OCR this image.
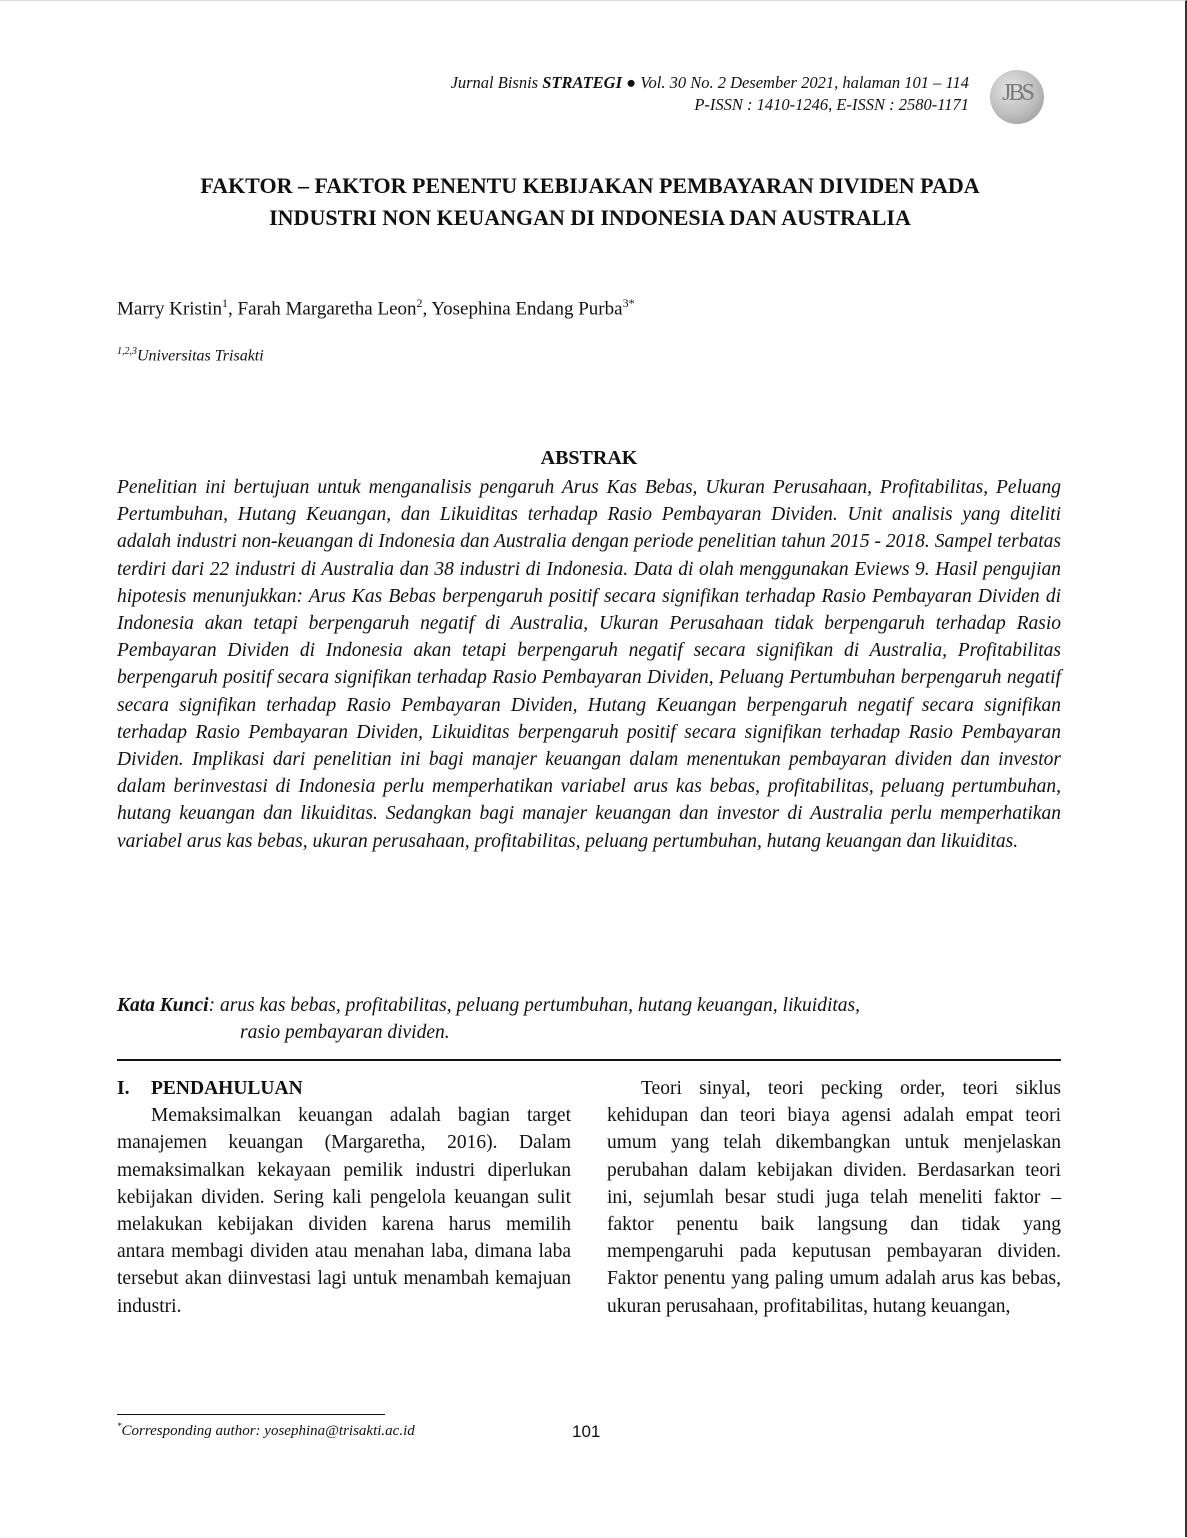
Jurnal Bisnis STRATEGI ● Vol. 30 No. 2 Desember 2021, halaman 101 – 114
P-ISSN : 1410-1246, E-ISSN : 2580-1171	JBS
FAKTOR – FAKTOR PENENTU KEBIJAKAN PEMBAYARAN DIVIDEN PADA
INDUSTRI NON KEUANGAN DI INDONESIA DAN AUSTRALIA
Marry Kristin$^1$, Farah Margaretha Leon$^2$, Yosephina Endang Purba$^{3*}$
$^{1,2,3}$Universitas Trisakti
ABSTRAK
Penelitian ini bertujuan untuk menganalisis pengaruh Arus Kas Bebas, Ukuran Perusahaan, Profitabilitas, Peluang Pertumbuhan, Hutang Keuangan, dan Likuiditas terhadap Rasio Pembayaran Dividen. Unit analisis yang diteliti adalah industri non-keuangan di Indonesia dan Australia dengan periode penelitian tahun 2015 - 2018. Sampel terbatas terdiri dari 22 industri di Australia dan 38 industri di Indonesia. Data di olah menggunakan Eviews 9. Hasil pengujian hipotesis menunjukkan: Arus Kas Bebas berpengaruh positif secara signifikan terhadap Rasio Pembayaran Dividen di Indonesia akan tetapi berpengaruh negatif di Australia, Ukuran Perusahaan tidak berpengaruh terhadap Rasio Pembayaran Dividen di Indonesia akan tetapi berpengaruh negatif secara signifikan di Australia, Profitabilitas berpengaruh positif secara signifikan terhadap Rasio Pembayaran Dividen, Peluang Pertumbuhan berpengaruh negatif secara signifikan terhadap Rasio Pembayaran Dividen, Hutang Keuangan berpengaruh negatif secara signifikan terhadap Rasio Pembayaran Dividen, Likuiditas berpengaruh positif secara signifikan terhadap Rasio Pembayaran Dividen. Implikasi dari penelitian ini bagi manajer keuangan dalam menentukan pembayaran dividen dan investor dalam berinvestasi di Indonesia perlu memperhatikan variabel arus kas bebas, profitabilitas, peluang pertumbuhan, hutang keuangan dan likuiditas. Sedangkan bagi manajer keuangan dan investor di Australia perlu memperhatikan variabel arus kas bebas, ukuran perusahaan, profitabilitas, peluang pertumbuhan, hutang keuangan dan likuiditas.
Kata Kunci: arus kas bebas, profitabilitas, peluang pertumbuhan, hutang keuangan, likuiditas,
rasio pembayaran dividen.
I. PENDAHULUAN
Memaksimalkan keuangan adalah bagian target manajemen keuangan (Margaretha, 2016). Dalam memaksimalkan kekayaan pemilik industri diperlukan kebijakan dividen. Sering kali pengelola keuangan sulit melakukan kebijakan dividen karena harus memilih antara membagi dividen atau menahan laba, dimana laba tersebut akan diinvestasi lagi untuk menambah kemajuan industri.
Teori sinyal, teori pecking order, teori siklus kehidupan dan teori biaya agensi adalah empat teori umum yang telah dikembangkan untuk menjelaskan perubahan dalam kebijakan dividen. Berdasarkan teori ini, sejumlah besar studi juga telah meneliti faktor – faktor penentu baik langsung dan tidak yang mempengaruhi pada keputusan pembayaran dividen. Faktor penentu yang paling umum adalah arus kas bebas, ukuran perusahaan, profitabilitas, hutang keuangan,
*Corresponding author: yosephina@trisakti.ac.id	101
